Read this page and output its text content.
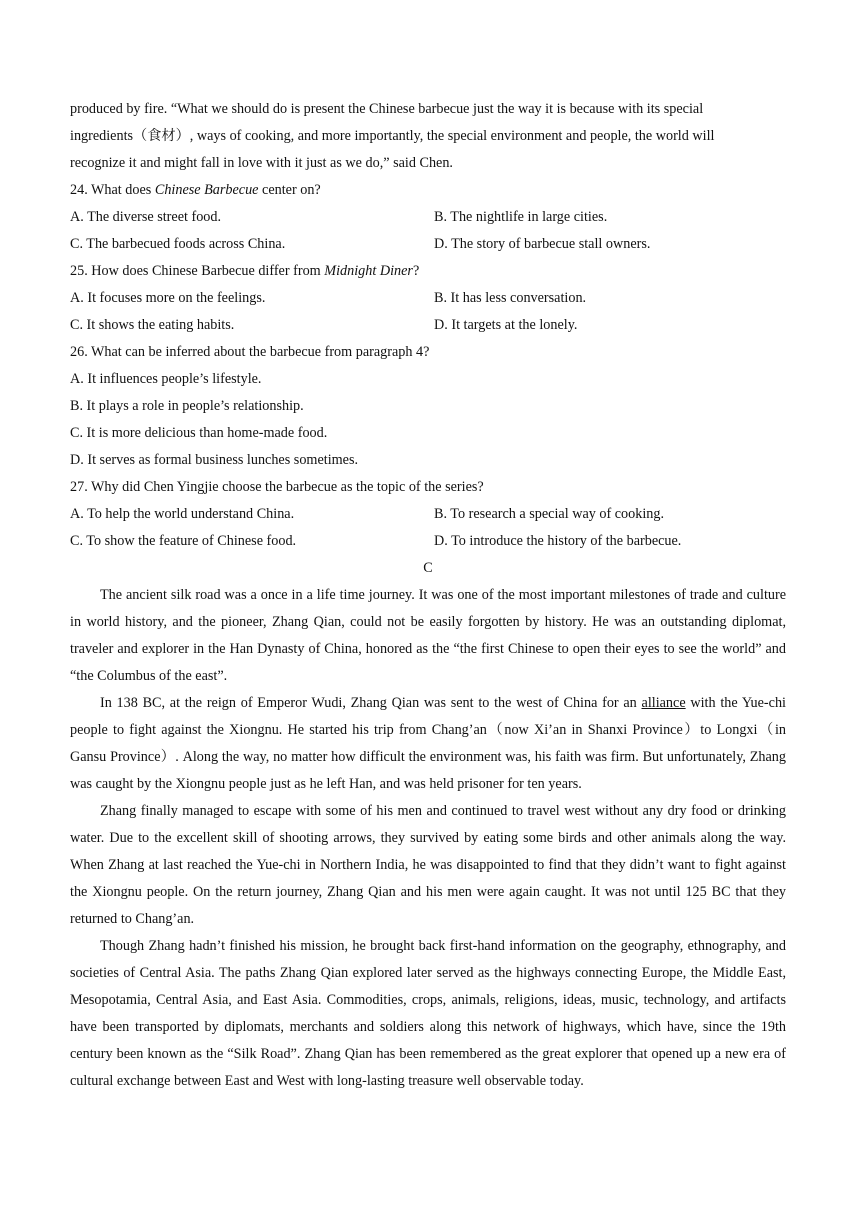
produced by fire. “What we should do is present the Chinese barbecue just the way it is because with its special
ingredients（食材）, ways of cooking, and more importantly, the special environment and people, the world will
recognize it and might fall in love with it just as we do,” said Chen.
24. What does Chinese Barbecue center on?
A. The diverse street food.	B. The nightlife in large cities.
C. The barbecued foods across China.	D. The story of barbecue stall owners.
25. How does Chinese Barbecue differ from Midnight Diner?
A. It focuses more on the feelings.	B. It has less conversation.
C. It shows the eating habits.	D. It targets at the lonely.
26. What can be inferred about the barbecue from paragraph 4?
A. It influences people’s lifestyle.
B. It plays a role in people’s relationship.
C. It is more delicious than home-made food.
D. It serves as formal business lunches sometimes.
27. Why did Chen Yingjie choose the barbecue as the topic of the series?
A. To help the world understand China.	B. To research a special way of cooking.
C. To show the feature of Chinese food.	D. To introduce the history of the barbecue.
C

The ancient silk road was a once in a life time journey. It was one of the most important milestones of trade and culture in world history, and the pioneer, Zhang Qian, could not be easily forgotten by history. He was an outstanding diplomat, traveler and explorer in the Han Dynasty of China, honored as the “the first Chinese to open their eyes to see the world” and “the Columbus of the east”.

In 138 BC, at the reign of Emperor Wudi, Zhang Qian was sent to the west of China for an alliance with the Yue-chi people to fight against the Xiongnu. He started his trip from Chang’an（now Xi’an in Shanxi Province）to Longxi（in Gansu Province）. Along the way, no matter how difficult the environment was, his faith was firm. But unfortunately, Zhang was caught by the Xiongnu people just as he left Han, and was held prisoner for ten years.

Zhang finally managed to escape with some of his men and continued to travel west without any dry food or drinking water. Due to the excellent skill of shooting arrows, they survived by eating some birds and other animals along the way. When Zhang at last reached the Yue-chi in Northern India, he was disappointed to find that they didn’t want to fight against the Xiongnu people. On the return journey, Zhang Qian and his men were again caught. It was not until 125 BC that they returned to Chang’an.

Though Zhang hadn’t finished his mission, he brought back first-hand information on the geography, ethnography, and societies of Central Asia. The paths Zhang Qian explored later served as the highways connecting Europe, the Middle East, Mesopotamia, Central Asia, and East Asia. Commodities, crops, animals, religions, ideas, music, technology, and artifacts have been transported by diplomats, merchants and soldiers along this network of highways, which have, since the 19th century been known as the “Silk Road”. Zhang Qian has been remembered as the great explorer that opened up a new era of cultural exchange between East and West with long-lasting treasure well observable today.
